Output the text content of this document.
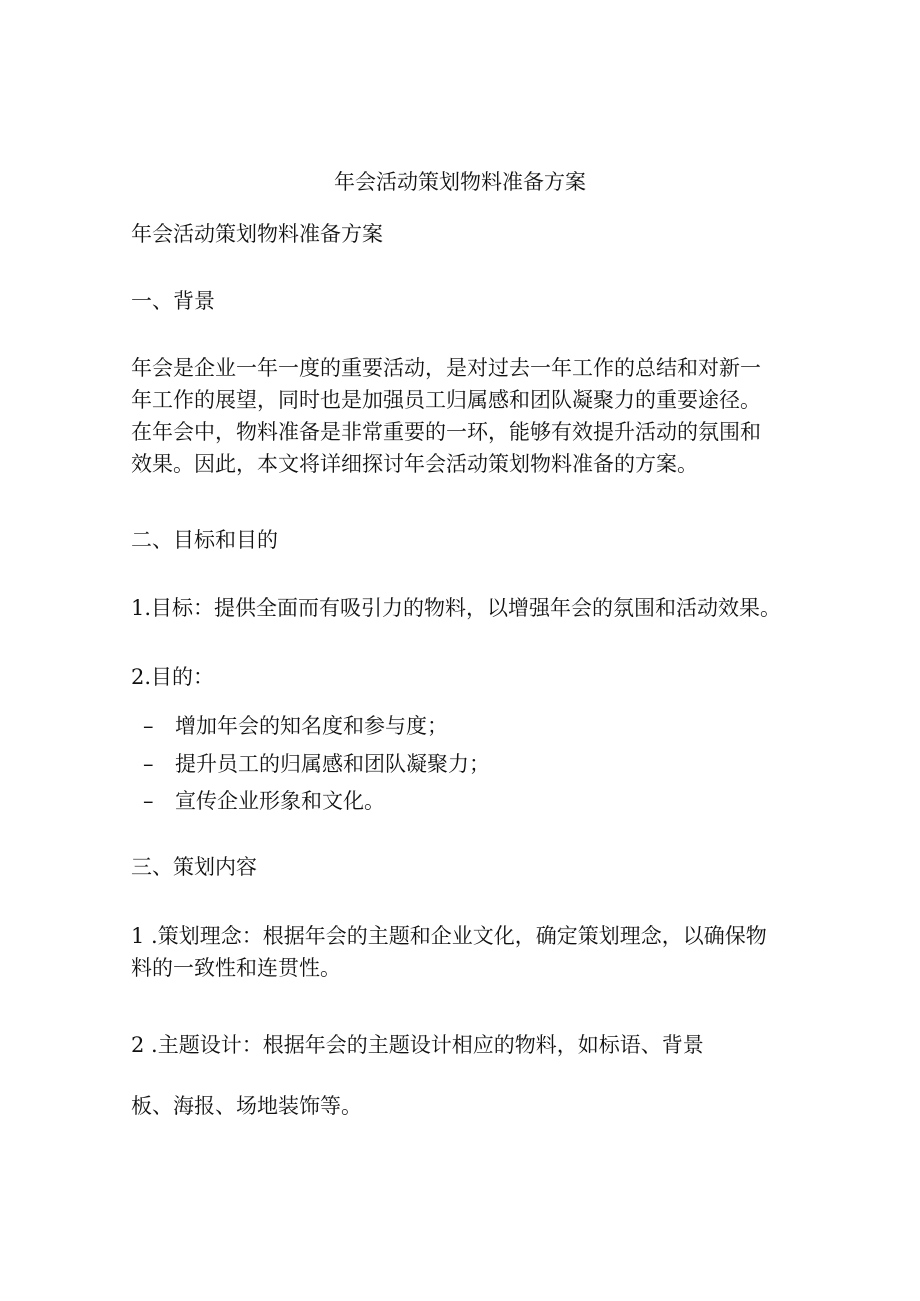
年会活动策划物料准备方案
年会活动策划物料准备方案
一、背景
年会是企业一年一度的重要活动，是对过去一年工作的总结和对新一
年工作的展望，同时也是加强员工归属感和团队凝聚力的重要途径。
在年会中，物料准备是非常重要的一环，能够有效提升活动的氛围和
效果。因此，本文将详细探讨年会活动策划物料准备的方案。
二、目标和目的
1.目标：提供全面而有吸引力的物料，以增强年会的氛围和活动效果。
2.目的：
– 增加年会的知名度和参与度；
– 提升员工的归属感和团队凝聚力；
– 宣传企业形象和文化。
三、策划内容
1 .策划理念：根据年会的主题和企业文化，确定策划理念，以确保物
料的一致性和连贯性。
2 .主题设计：根据年会的主题设计相应的物料，如标语、背景
板、海报、场地装饰等。
